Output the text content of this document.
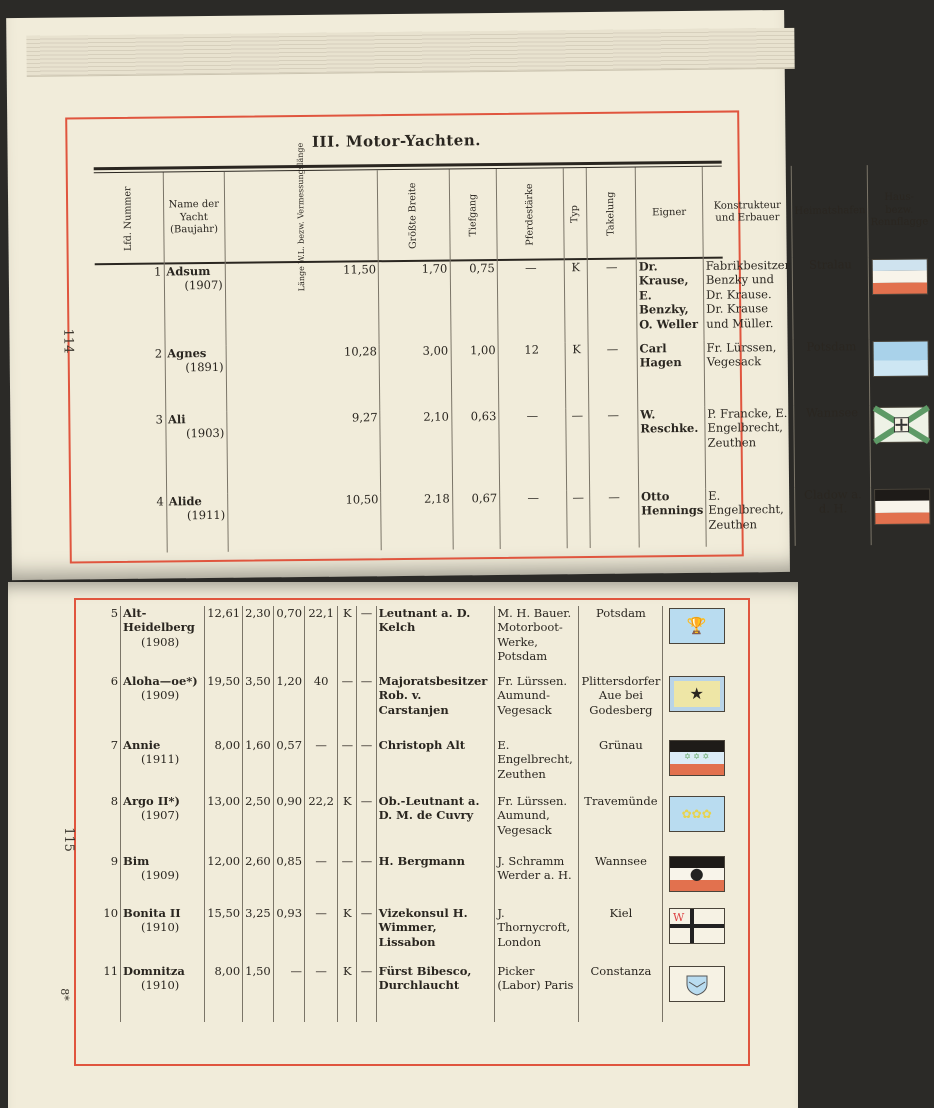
114
III. Motor-Yachten.
Lfd. Nummer	Name der Yacht (Baujahr)	Länge W.L. bezw. Vermessungslänge	Größte Breite	Tiefgang	Pferdestärke	Typ	Takelung	Eigner	Konstrukteur und Erbauer	Heimatshafen	Haus- bezw. Rennflagge
1	Adsum
(1907)	11,50	1,70	0,75	—	K	—	Dr. Krause, E. Benzky, O. Weller	Fabrikbesitzer Benzky und Dr. Krause. Dr. Krause und Müller.	Stralau	

2	Agnes
(1891)	10,28	3,00	1,00	12	K	—	Carl Hagen	Fr. Lürssen, Vegesack	Potsdam	

3	Ali
(1903)	9,27	2,10	0,63	—	—	—	W. Reschke.	P. Francke, E. Engelbrecht, Zeuthen	Wannsee	
4	Alide
(1911)	10,50	2,18	0,67	—	—	—	Otto Hennings	E. Engelbrecht, Zeuthen	Cladow a. d. H.	
115
8*
5	Alt-Heidelberg
(1908)	12,61	2,30	0,70	22,1	K	—	Leutnant a. D. Kelch	M. H. Bauer. Motorboot-Werke, Potsdam	Potsdam	🏆

6	Aloha—oe*)
(1909)	19,50	3,50	1,20	40	—	—	Majoratsbesitzer Rob. v. Carstanjen	Fr. Lürssen. Aumund-Vegesack	Plittersdorfer Aue bei Godesberg	★

7	Annie
(1911)	8,00	1,60	0,57	—	—	—	Christoph Alt	E. Engelbrecht, Zeuthen	Grünau	✡ ✡ ✡

8	Argo II*)
(1907)	13,00	2,50	0,90	22,2	K	—	Ob.-Leutnant a. D. M. de Cuvry	Fr. Lürssen. Aumund, Vegesack	Travemünde	✿✿✿

9	Bim
(1909)	12,00	2,60	0,85	—	—	—	H. Bergmann	J. Schramm Werder a. H.	Wannsee	●

10	Bonita II
(1910)	15,50	3,25	0,93	—	K	—	Vizekonsul H. Wimmer, Lissabon	J. Thornycroft, London	Kiel	W

11	Domnitza
(1910)	8,00	1,50	—	—	K	—	Fürst Bibesco, Durchlaucht	Picker (Labor) Paris	Constanza	
